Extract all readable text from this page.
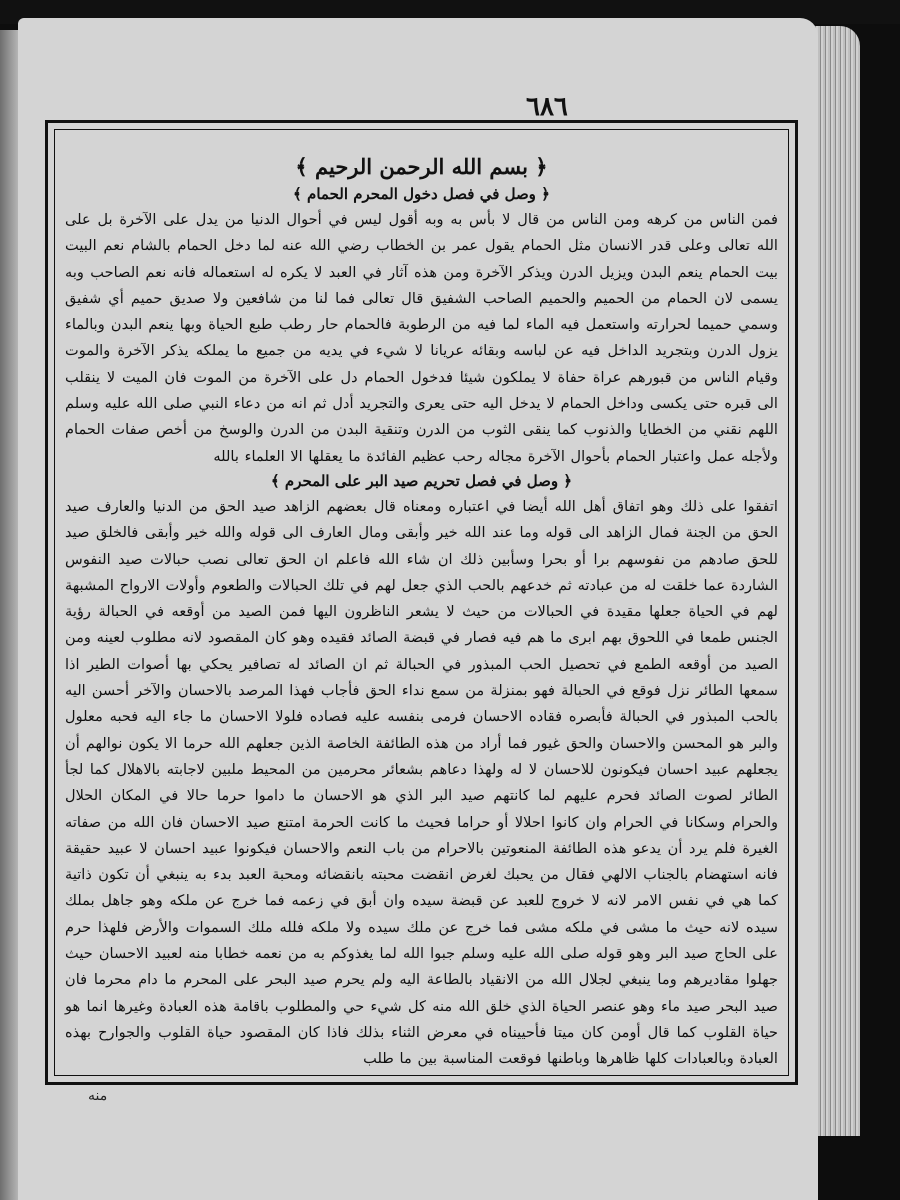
٦٨٦
﴿ بسم الله الرحمن الرحيم ﴾
﴿ وصل في فصل دخول المحرم الحمام ﴾

فمن الناس من كرهه ومن الناس من قال لا بأس به وبه أقول ليس في أحوال الدنيا من يدل على الآخرة بل على الله تعالى وعلى قدر الانسان مثل الحمام يقول عمر بن الخطاب رضي الله عنه لما دخل الحمام بالشام نعم البيت بيت الحمام ينعم البدن ويزيل الدرن ويذكر الآخرة ومن هذه آثار في العبد لا يكره له استعماله فانه نعم الصاحب وبه يسمى لان الحمام من الحميم والحميم الصاحب الشفيق قال تعالى فما لنا من شافعين ولا صديق حميم أي شفيق وسمي حميما لحرارته واستعمل فيه الماء لما فيه من الرطوبة فالحمام حار رطب طبع الحياة وبها ينعم البدن وبالماء يزول الدرن وبتجريد الداخل فيه عن لباسه وبقائه عريانا لا شيء في يديه من جميع ما يملكه يذكر الآخرة والموت وقيام الناس من قبورهم عراة حفاة لا يملكون شيئا فدخول الحمام دل على الآخرة من الموت فان الميت لا ينقلب الى قبره حتى يكسى وداخل الحمام لا يدخل اليه حتى يعرى والتجريد أدل ثم انه من دعاء النبي صلى الله عليه وسلم اللهم نقني من الخطايا والذنوب كما ينقى الثوب من الدرن وتنقية البدن من الدرن والوسخ من أخص صفات الحمام ولأجله عمل واعتبار الحمام بأحوال الآخرة مجاله رحب عظيم الفائدة ما يعقلها الا العلماء بالله

﴿ وصل في فصل تحريم صيد البر على المحرم ﴾

اتفقوا على ذلك وهو اتفاق أهل الله أيضا في اعتباره ومعناه قال بعضهم الزاهد صيد الحق من الدنيا والعارف صيد الحق من الجنة فمال الزاهد الى قوله وما عند الله خير وأبقى ومال العارف الى قوله والله خير وأبقى فالخلق صيد للحق صادهم من نفوسهم برا أو بحرا وسأبين ذلك ان شاء الله فاعلم ان الحق تعالى نصب حبالات صيد النفوس الشاردة عما خلقت له من عبادته ثم خدعهم بالحب الذي جعل لهم في تلك الحبالات والطعوم وأولات الارواح المشبهة لهم في الحياة جعلها مقيدة في الحبالات من حيث لا يشعر الناظرون اليها فمن الصيد من أوقعه في الحبالة رؤية الجنس طمعا في اللحوق بهم ابرى ما هم فيه فصار في قبضة الصائد فقيده وهو كان المقصود لانه مطلوب لعينه ومن الصيد من أوقعه الطمع في تحصيل الحب المبذور في الحبالة ثم ان الصائد له تصافير يحكي بها أصوات الطير اذا سمعها الطائر نزل فوقع في الحبالة فهو بمنزلة من سمع نداء الحق فأجاب فهذا المرصد بالاحسان والآخر أحسن اليه بالحب المبذور في الحبالة فأبصره فقاده الاحسان فرمى بنفسه عليه فصاده فلولا الاحسان ما جاء اليه فحبه معلول والبر هو المحسن والاحسان والحق غيور فما أراد من هذه الطائفة الخاصة الذين جعلهم الله حرما الا يكون نوالهم أن يجعلهم عبيد احسان فيكونون للاحسان لا له ولهذا دعاهم بشعائر محرمين من المحيط ملبين لاجابته بالاهلال كما لجأ الطائر لصوت الصائد فحرم عليهم لما كانتهم صيد البر الذي هو الاحسان ما داموا حرما حالا في المكان الحلال والحرام وسكانا في الحرام وان كانوا احلالا أو حراما فحيث ما كانت الحرمة امتنع صيد الاحسان فان الله من صفاته الغيرة فلم يرد أن يدعو هذه الطائفة المنعوتين بالاحرام من باب النعم والاحسان فيكونوا عبيد احسان لا عبيد حقيقة فانه استهضام بالجناب الالهي فقال من يحبك لغرض انقضت محبته بانقضائه ومحبة العبد بدء به ينبغي أن تكون ذاتية كما هي في نفس الامر لانه لا خروج للعبد عن قبضة سيده وان أبق في زعمه فما خرج عن ملكه وهو جاهل بملك سيده لانه حيث ما مشى في ملكه مشى فما خرج عن ملك سيده ولا ملكه فلله ملك السموات والأرض فلهذا حرم على الحاج صيد البر وهو قوله صلى الله عليه وسلم جبوا الله لما يغذوكم به من نعمه خطابا منه لعبيد الاحسان حيث جهلوا مقاديرهم وما ينبغي لجلال الله من الانقياد بالطاعة اليه ولم يحرم صيد البحر على المحرم ما دام محرما فان صيد البحر صيد ماء وهو عنصر الحياة الذي خلق الله منه كل شيء حي والمطلوب باقامة هذه العبادة وغيرها انما هو حياة القلوب كما قال أومن كان ميتا فأحييناه في معرض الثناء بذلك فاذا كان المقصود حياة القلوب والجوارح بهذه العبادة وبالعبادات كلها ظاهرها وباطنها فوقعت المناسبة بين ما طلب

منه
